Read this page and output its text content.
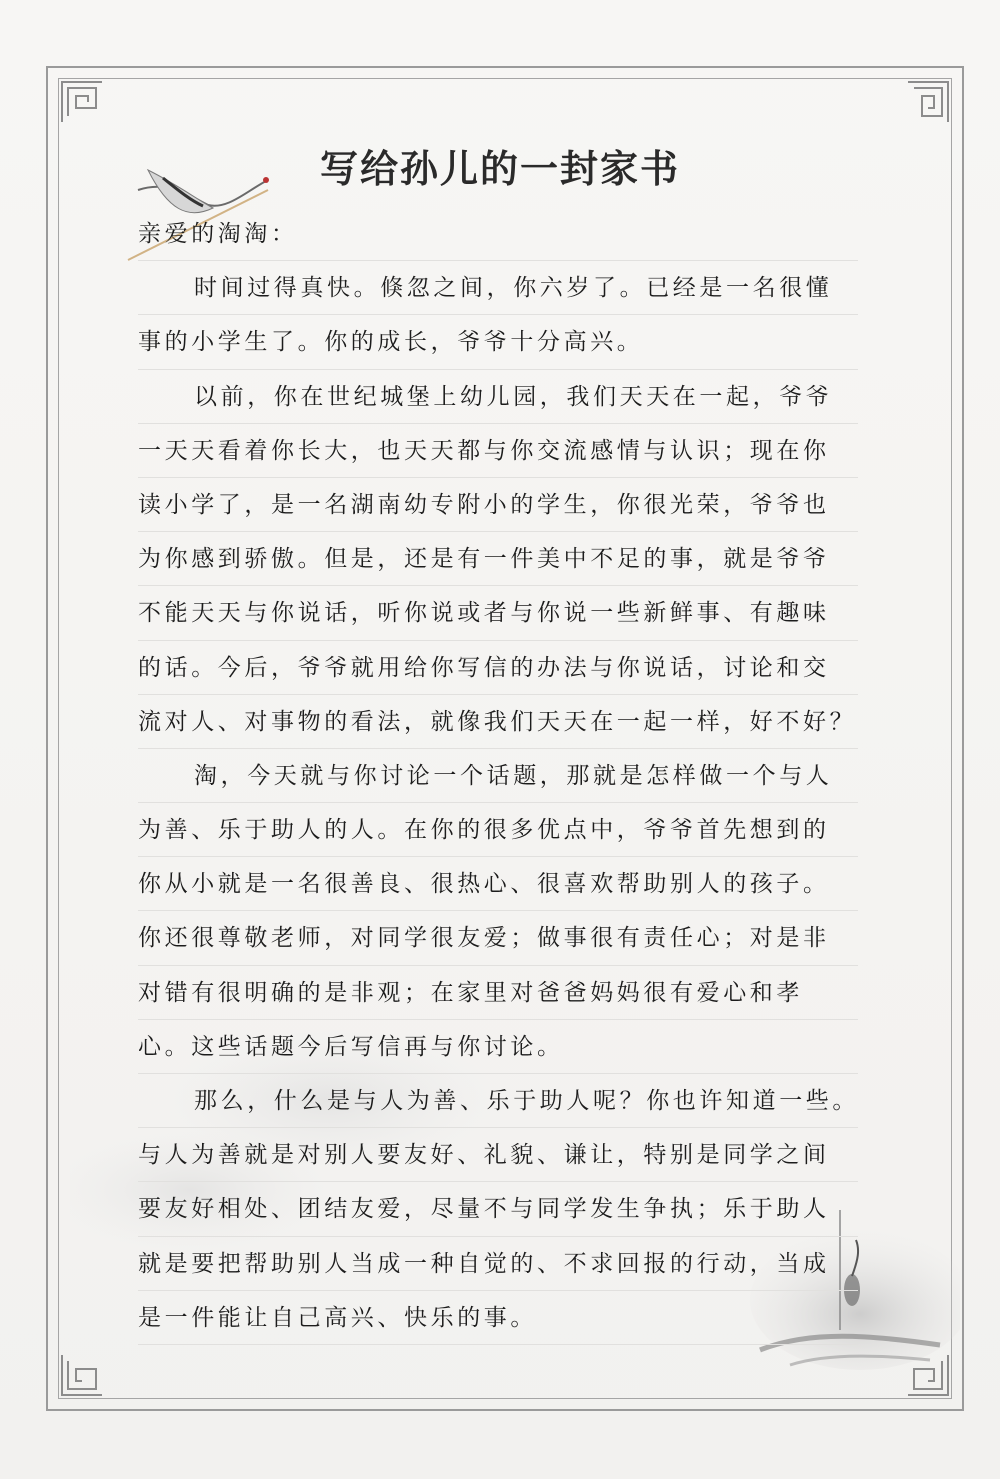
写给孙儿的一封家书
亲爱的淘淘：
时间过得真快。倏忽之间，你六岁了。已经是一名很懂
事的小学生了。你的成长，爷爷十分高兴。
以前，你在世纪城堡上幼儿园，我们天天在一起，爷爷
一天天看着你长大，也天天都与你交流感情与认识；现在你
读小学了，是一名湖南幼专附小的学生，你很光荣，爷爷也
为你感到骄傲。但是，还是有一件美中不足的事，就是爷爷
不能天天与你说话，听你说或者与你说一些新鲜事、有趣味
的话。今后，爷爷就用给你写信的办法与你说话，讨论和交
流对人、对事物的看法，就像我们天天在一起一样，好不好？
淘，今天就与你讨论一个话题，那就是怎样做一个与人
为善、乐于助人的人。在你的很多优点中，爷爷首先想到的
你从小就是一名很善良、很热心、很喜欢帮助别人的孩子。
你还很尊敬老师，对同学很友爱；做事很有责任心；对是非
对错有很明确的是非观；在家里对爸爸妈妈很有爱心和孝
心。这些话题今后写信再与你讨论。
那么，什么是与人为善、乐于助人呢？你也许知道一些。
与人为善就是对别人要友好、礼貌、谦让，特别是同学之间
要友好相处、团结友爱，尽量不与同学发生争执；乐于助人
就是要把帮助别人当成一种自觉的、不求回报的行动，当成
是一件能让自己高兴、快乐的事。
